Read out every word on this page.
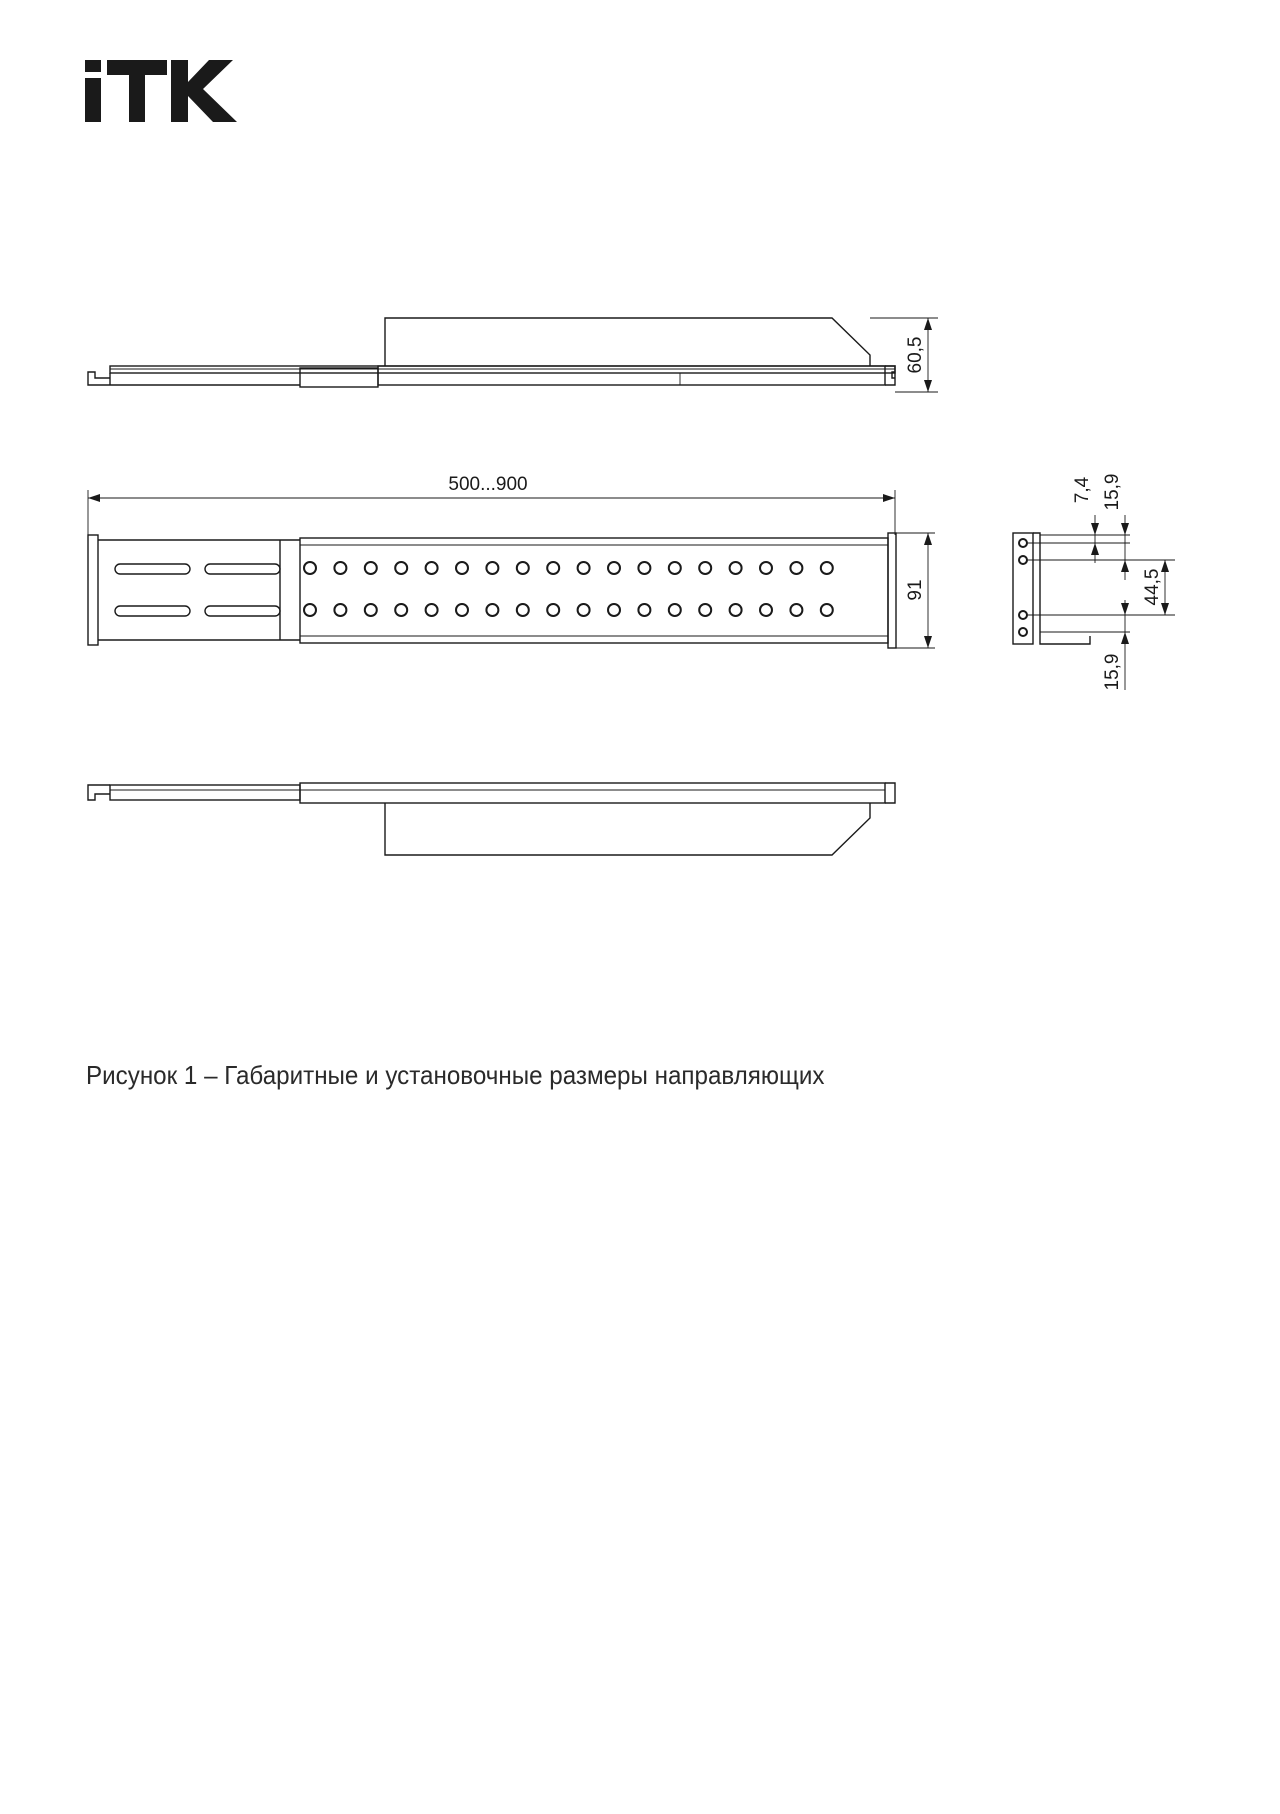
60,5
500...900
91
7,4 15,9
44,5
15,9
Рисунок 1 – Габаритные и установочные размеры направляющих
